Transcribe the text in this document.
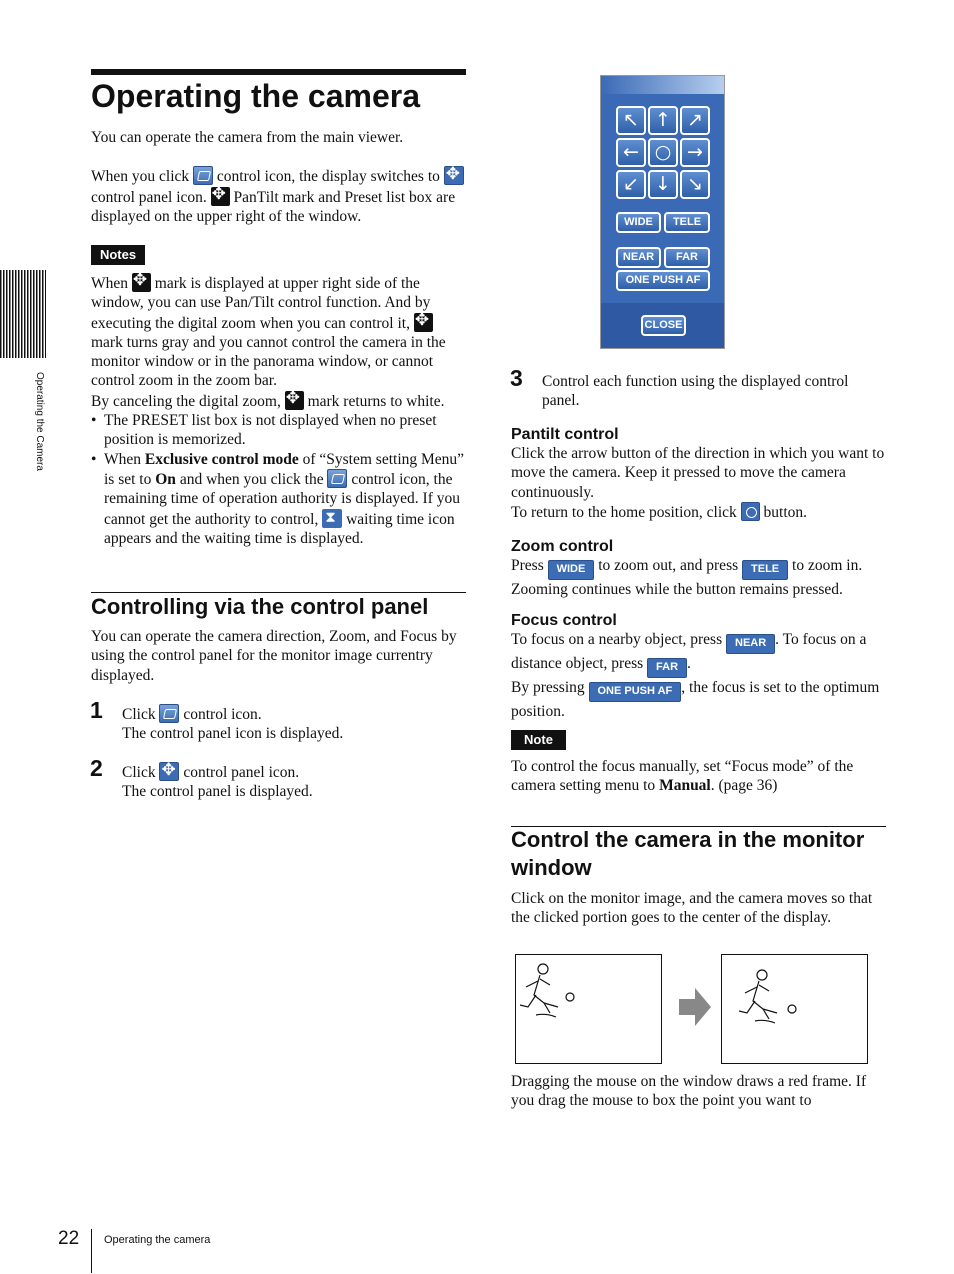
Operating the camera
Operating the Camera

You can operate the camera from the main viewer.

When you click control icon, the display switches to ✥ control panel icon. ✥ PanTilt mark and Preset list box are displayed on the upper right of the window.

Notes

When ✥ mark is displayed at upper right side of the window, you can use Pan/Tilt control function. And by executing the digital zoom when you can control it, ✥ mark turns gray and you cannot control the camera in the monitor window or in the panorama window, or cannot control zoom in the zoom bar.

By canceling the digital zoom, ✥ mark returns to white.

• The PRESET list box is not displayed when no preset position is memorized.
• When Exclusive control mode of “System setting Menu” is set to On and when you click the control icon, the remaining time of operation authority is displayed. If you cannot get the authority to control, ⧗ waiting time icon appears and the waiting time is displayed.
Controlling via the control panel
You can operate the camera direction, Zoom, and Focus by using the control panel for the monitor image currentry displayed.
1 Click control icon.

The control panel icon is displayed.

2 Click ✥ control panel icon.

The control panel is displayed.

↖ ↑ ↗
← ○ →
↙ ↓ ↘
WIDE	TELE
NEAR	FAR
ONE PUSH AF
CLOSE
3 Control each function using the displayed control panel.
Pantilt control

Click the arrow button of the direction in which you want to move the camera. Keep it pressed to move the camera continuously.

To return to the home position, click button.

Zoom control

Press WIDE to zoom out, and press TELE to zoom in. Zooming continues while the button remains pressed.

Focus control

To focus on a nearby object, press NEAR . To focus on a distance object, press FAR .

By pressing ONE PUSH AF , the focus is set to the optimum position.

Note
To control the focus manually, set “Focus mode” of the camera setting menu to Manual. (page 36)
Control the camera in the monitor window
Click on the monitor image, and the camera moves so that the clicked portion goes to the center of the display.
Dragging the mouse on the window draws a red frame. If you drag the mouse to box the point you want to
22 Operating the camera
